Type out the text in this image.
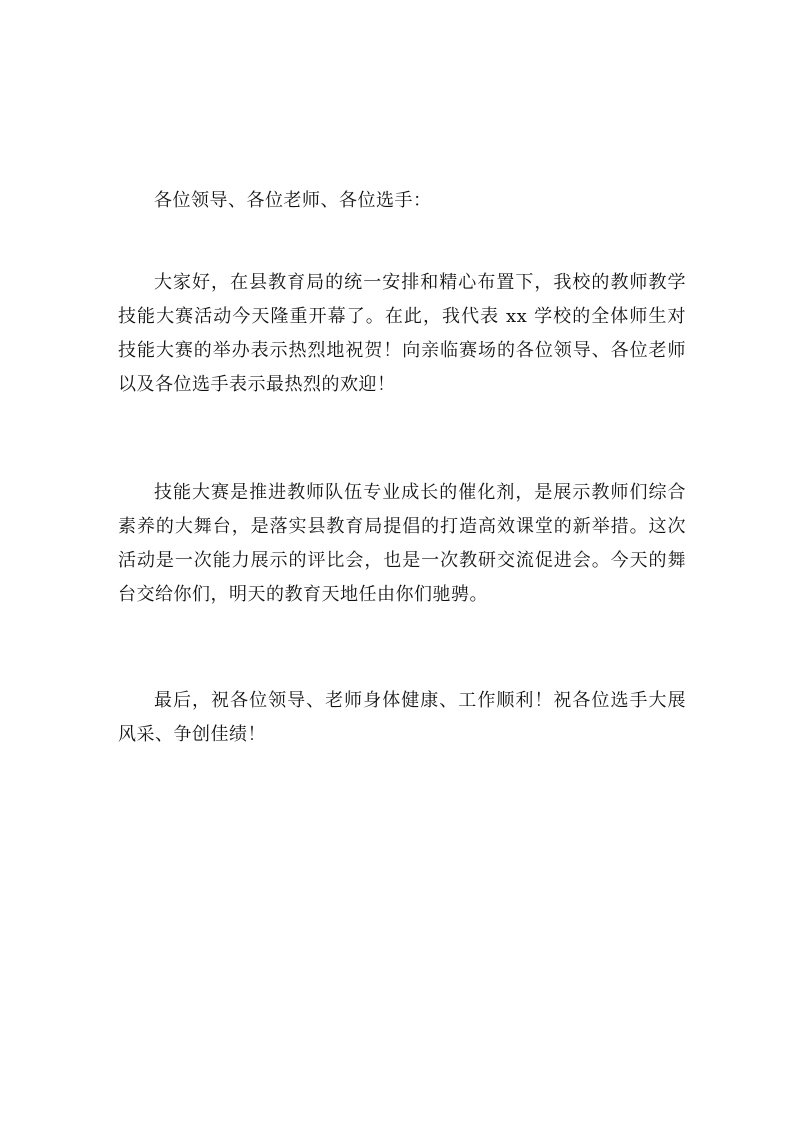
各位领导、各位老师、各位选手：
大家好，在县教育局的统一安排和精心布置下，我校的教师教学技能大赛活动今天隆重开幕了。在此，我代表 xx 学校的全体师生对技能大赛的举办表示热烈地祝贺！向亲临赛场的各位领导、各位老师以及各位选手表示最热烈的欢迎！
技能大赛是推进教师队伍专业成长的催化剂，是展示教师们综合素养的大舞台，是落实县教育局提倡的打造高效课堂的新举措。这次活动是一次能力展示的评比会，也是一次教研交流促进会。今天的舞台交给你们，明天的教育天地任由你们驰骋。
最后，祝各位领导、老师身体健康、工作顺利！祝各位选手大展风采、争创佳绩！
